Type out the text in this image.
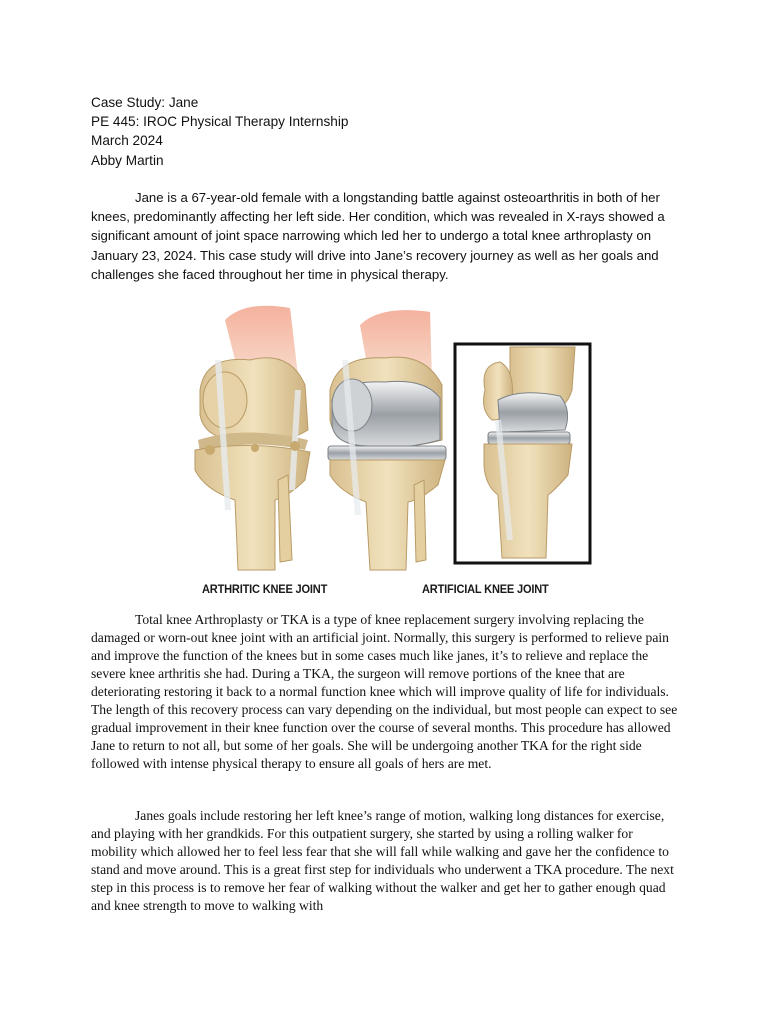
Case Study: Jane
PE 445: IROC Physical Therapy Internship
March 2024
Abby Martin

Jane is a 67-year-old female with a longstanding battle against osteoarthritis in both of her knees, predominantly affecting her left side. Her condition, which was revealed in X-rays showed a significant amount of joint space narrowing which led her to undergo a total knee arthroplasty on January 23, 2024. This case study will drive into Jane’s recovery journey as well as her goals and challenges she faced throughout her time in physical therapy.

ARTHRITIC KNEE JOINT	ARTIFICIAL KNEE JOINT

Total knee Arthroplasty or TKA is a type of knee replacement surgery involving replacing the damaged or worn-out knee joint with an artificial joint. Normally, this surgery is performed to relieve pain and improve the function of the knees but in some cases much like janes, it’s to relieve and replace the severe knee arthritis she had. During a TKA, the surgeon will remove portions of the knee that are deteriorating restoring it back to a normal function knee which will improve quality of life for individuals. The length of this recovery process can vary depending on the individual, but most people can expect to see gradual improvement in their knee function over the course of several months. This procedure has allowed Jane to return to not all, but some of her goals. She will be undergoing another TKA for the right side followed with intense physical therapy to ensure all goals of hers are met.

Janes goals include restoring her left knee’s range of motion, walking long distances for exercise, and playing with her grandkids. For this outpatient surgery, she started by using a rolling walker for mobility which allowed her to feel less fear that she will fall while walking and gave her the confidence to stand and move around. This is a great first step for individuals who underwent a TKA procedure. The next step in this process is to remove her fear of walking without the walker and get her to gather enough quad and knee strength to move to walking with
